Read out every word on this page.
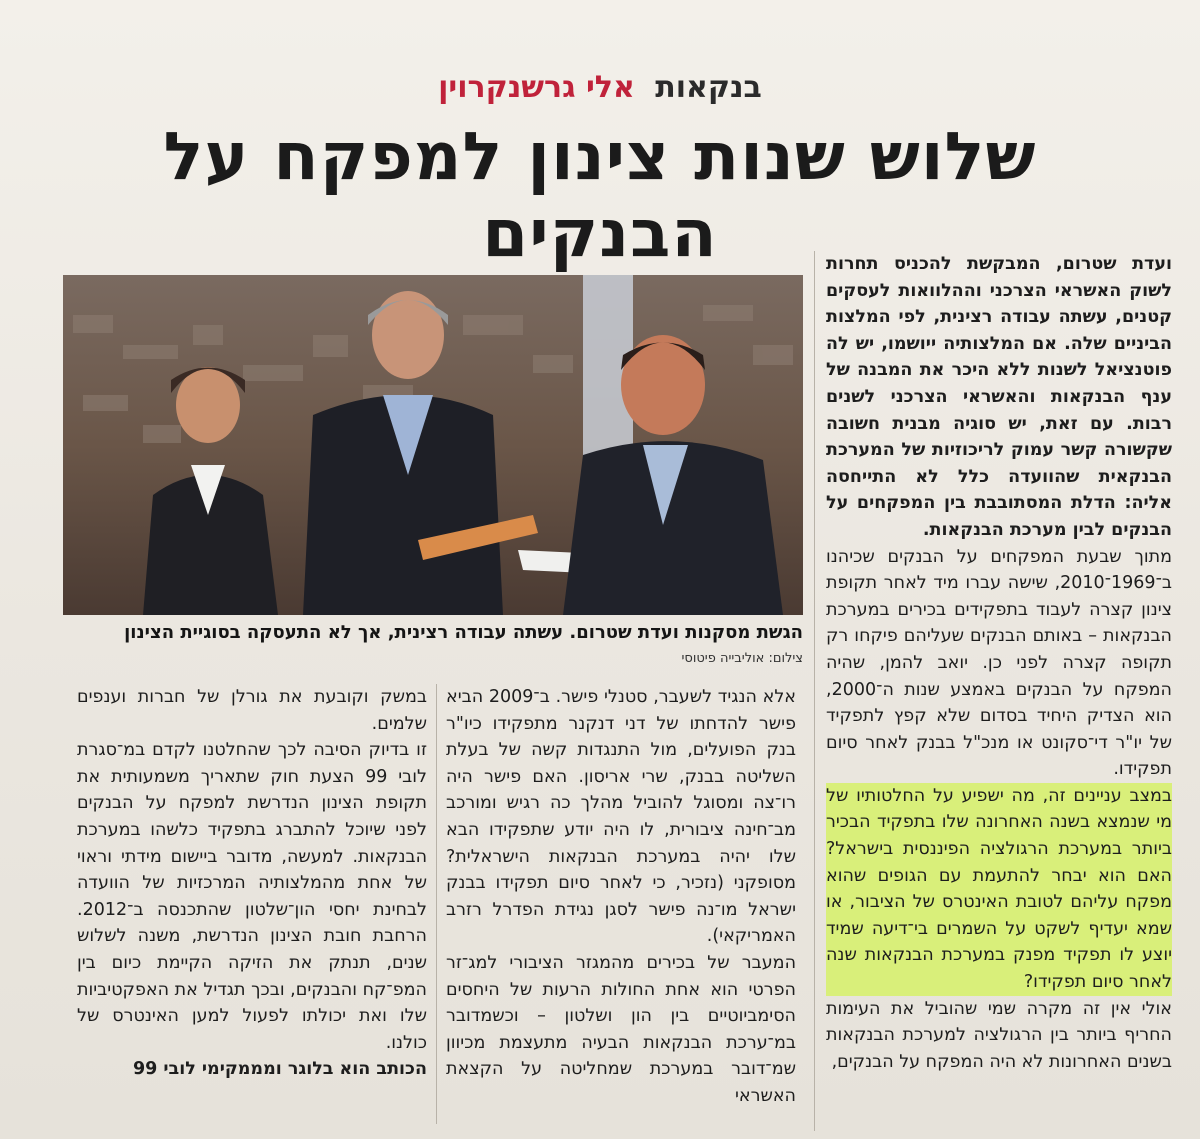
בנקאות אלי גרשנקרוין
שלוש שנות צינון למפקח על הבנקים
הגשת מסקנות ועדת שטרום. עשתה עבודה רצינית, אך לא התעסקה בסוגיית הצינון
צילום: אוליבייה פיטוסי

ועדת שטרום, המבקשת להכניס תחרות לשוק האשראי הצרכני וההלוואות לעסקים קטנים, עשתה עבודה רצינית, לפי המלצות הביניים שלה. אם המלצותיה ייושמו, יש לה פוטנציאל לשנות ללא היכר את המבנה של ענף הבנקאות והאשראי הצרכני לשנים רבות. עם זאת, יש סוגיה מבנית חשובה שקשורה קשר עמוק לריכוזיות של המערכת הבנקאית שהוועדה כלל לא התייחסה אליה: הדלת המסתובבת בין המפקחים על הבנקים לבין מערכת הבנקאות.

מתוך שבעת המפקחים על הבנקים שכיהנו ב־1969־2010, שישה עברו מיד לאחר תקופת צינון קצרה לעבוד בתפקידים בכירים במערכת הבנקאות – באותם הבנקים שעליהם פיקחו רק תקופה קצרה לפני כן. יואב להמן, שהיה המפקח על הבנקים באמצע שנות ה־2000, הוא הצדיק היחיד בסדום שלא קפץ לתפקיד של יו"ר די־סקונט או מנכ"ל בבנק לאחר סיום תפקידו.

במצב עניינים זה, מה ישפיע על החלטותיו של מי שנמצא בשנה האחרונה שלו בתפקיד הבכיר ביותר במערכת הרגולציה הפיננסית בישראל? האם הוא יבחר להתעמת עם הגופים שהוא מפקח עליהם לטובת האינטרס של הציבור, או שמא יעדיף לשקט על השמרים בי־דיעה שמיד יוצע לו תפקיד מפנק במערכת הבנקאות שנה לאחר סיום תפקידו?

אולי אין זה מקרה שמי שהוביל את העימות החריף ביותר בין הרגולציה למערכת הבנקאות בשנים האחרונות לא היה המפקח על הבנקים,

אלא הנגיד לשעבר, סטנלי פישר. ב־2009 הביא פישר להדחתו של דני דנקנר מתפקידו כיו"ר בנק הפועלים, מול התנגדות קשה של בעלת השליטה בבנק, שרי אריסון. האם פישר היה רו־צה ומסוגל להוביל מהלך כה רגיש ומורכב מב־חינה ציבורית, לו היה יודע שתפקידו הבא שלו יהיה במערכת הבנקאות הישראלית? מסופקני (נזכיר, כי לאחר סיום תפקידו בבנק ישראל מו־נה פישר לסגן נגידת הפדרל רזרב האמריקאי).

המעבר של בכירים מהמגזר הציבורי למג־זר הפרטי הוא אחת החולות הרעות של היחסים הסימביוטיים בין הון ושלטון – וכשמדובר במ־ערכת הבנקאות הבעיה מתעצמת מכיוון שמ־דובר במערכת שמחליטה על הקצאת האשראי

במשק וקובעת את גורלן של חברות וענפים שלמים.

זו בדיוק הסיבה לכך שהחלטנו לקדם במ־סגרת לובי 99 הצעת חוק שתאריך משמעותית את תקופת הצינון הנדרשת למפקח על הבנקים לפני שיוכל להתברג בתפקיד כלשהו במערכת הבנקאות. למעשה, מדובר ביישום מידתי וראוי של אחת מהמלצותיה המרכזיות של הוועדה לבחינת יחסי הון־שלטון שהתכנסה ב־2012. הרחבת חובת הצינון הנדרשת, משנה לשלוש שנים, תנתק את הזיקה הקיימת כיום בין המפ־קח והבנקים, ובכך תגדיל את האפקטיביות שלו ואת יכולתו לפעול למען האינטרס של כולנו.

הכותב הוא בלוגר ומממקימי לובי 99
